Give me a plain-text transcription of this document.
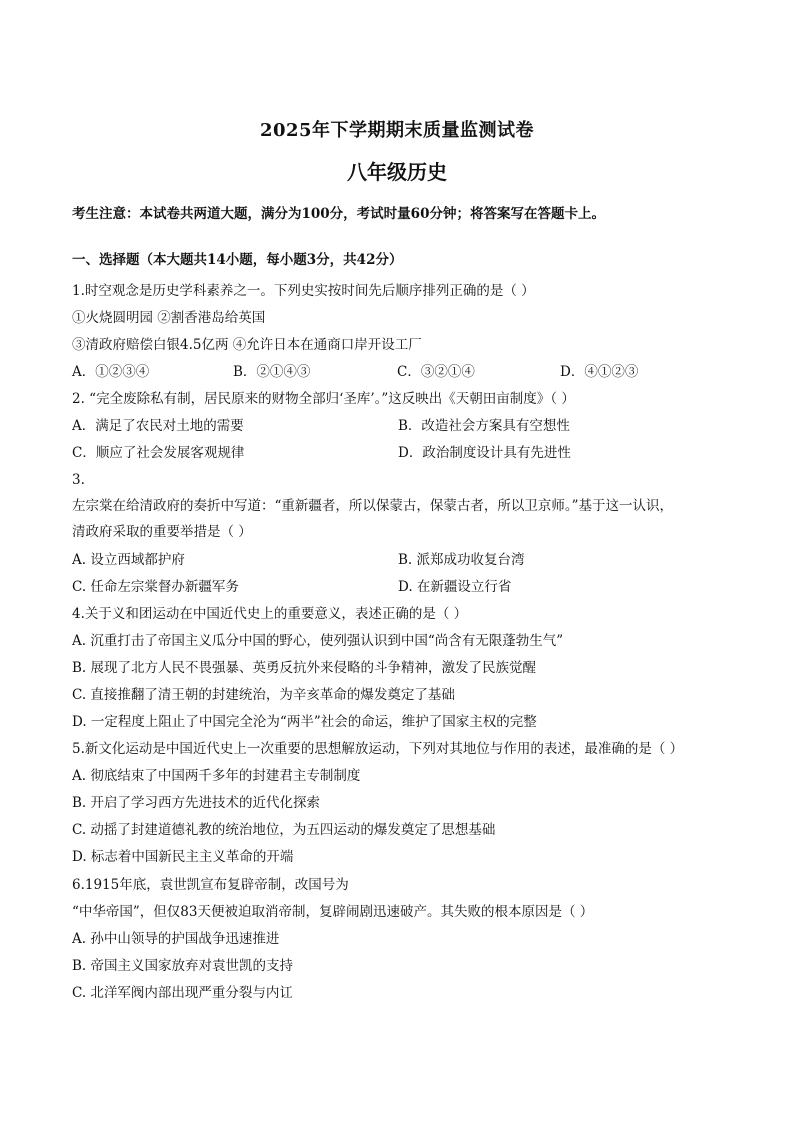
2025年下学期期末质量监测试卷
八年级历史
考生注意：本试卷共两道大题，满分为100分，考试时量60分钟；将答案写在答题卡上。
一、选择题（本大题共14小题，每小题3分，共42分）
1.时空观念是历史学科素养之一。下列史实按时间先后顺序排列正确的是（ ）
①火烧圆明园 ②割香港岛给英国
③清政府赔偿白银4.5亿两 ④允许日本在通商口岸开设工厂
A．①②③④	B．②①④③	C．③②①④	D．④①②③
2. “完全废除私有制，居民原来的财物全部归‘圣库’。”这反映出《天朝田亩制度》（ ）
A．满足了农民对土地的需要	B．改造社会方案具有空想性
C．顺应了社会发展客观规律	D．政治制度设计具有先进性
3.
左宗棠在给清政府的奏折中写道：“重新疆者，所以保蒙古，保蒙古者，所以卫京师。”基于这一认识，
清政府采取的重要举措是（ ）
A. 设立西域都护府	B. 派郑成功收复台湾
C. 任命左宗棠督办新疆军务	D. 在新疆设立行省
4.关于义和团运动在中国近代史上的重要意义，表述正确的是（ ）
A. 沉重打击了帝国主义瓜分中国的野心，使列强认识到中国“尚含有无限蓬勃生气”
B. 展现了北方人民不畏强暴、英勇反抗外来侵略的斗争精神，激发了民族觉醒
C. 直接推翻了清王朝的封建统治，为辛亥革命的爆发奠定了基础
D. 一定程度上阻止了中国完全沦为“两半”社会的命运，维护了国家主权的完整
5.新文化运动是中国近代史上一次重要的思想解放运动，下列对其地位与作用的表述，最准确的是（ ）
A. 彻底结束了中国两千多年的封建君主专制制度
B. 开启了学习西方先进技术的近代化探索
C. 动摇了封建道德礼教的统治地位，为五四运动的爆发奠定了思想基础
D. 标志着中国新民主主义革命的开端
6.1915年底，袁世凯宣布复辟帝制，改国号为
“中华帝国”，但仅83天便被迫取消帝制，复辟闹剧迅速破产。其失败的根本原因是（ ）
A. 孙中山领导的护国战争迅速推进
B. 帝国主义国家放弃对袁世凯的支持
C. 北洋军阀内部出现严重分裂与内讧
